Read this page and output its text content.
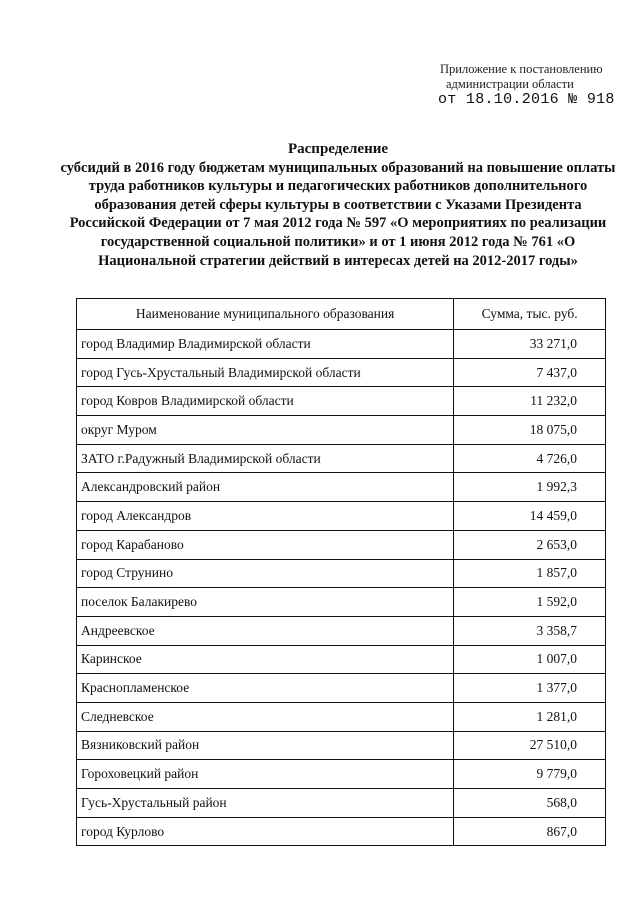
Приложение к постановлению
администрации области
от 18.10.2016 № 918
Распределение
субсидий в 2016 году бюджетам муниципальных образований на повышение оплаты труда работников культуры и педагогических работников дополнительного образования детей сферы культуры в соответствии с Указами Президента Российской Федерации от 7 мая 2012 года № 597 «О мероприятиях по реализации государственной социальной политики» и от 1 июня 2012 года № 761 «О Национальной стратегии действий в интересах детей на 2012-2017 годы»
Наименование муниципального образования	Сумма, тыс. руб.
город Владимир Владимирской области	33 271,0
город Гусь-Хрустальный Владимирской области	7 437,0
город Ковров Владимирской области	11 232,0
округ Муром	18 075,0
ЗАТО г.Радужный Владимирской области	4 726,0
Александровский район	1 992,3
город Александров	14 459,0
город Карабаново	2 653,0
город Струнино	1 857,0
поселок Балакирево	1 592,0
Андреевское	3 358,7
Каринское	1 007,0
Краснопламенское	1 377,0
Следневское	1 281,0
Вязниковский район	27 510,0
Гороховецкий район	9 779,0
Гусь-Хрустальный район	568,0
город Курлово	867,0
